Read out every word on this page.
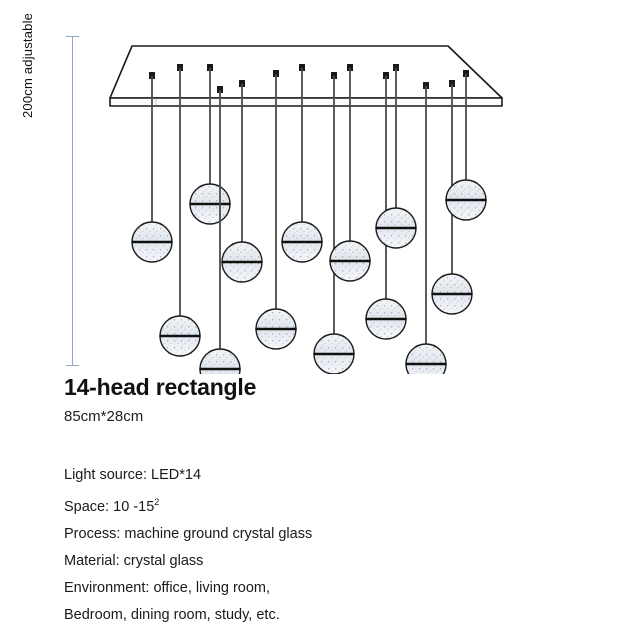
200cm adjustable
14-head rectangle
85cm*28cm
Light source: LED*14
Space: 10 $-15^2$
Process: machine ground crystal glass
Material: crystal glass
Environment: office, living room,
Bedroom, dining room, study, etc.
